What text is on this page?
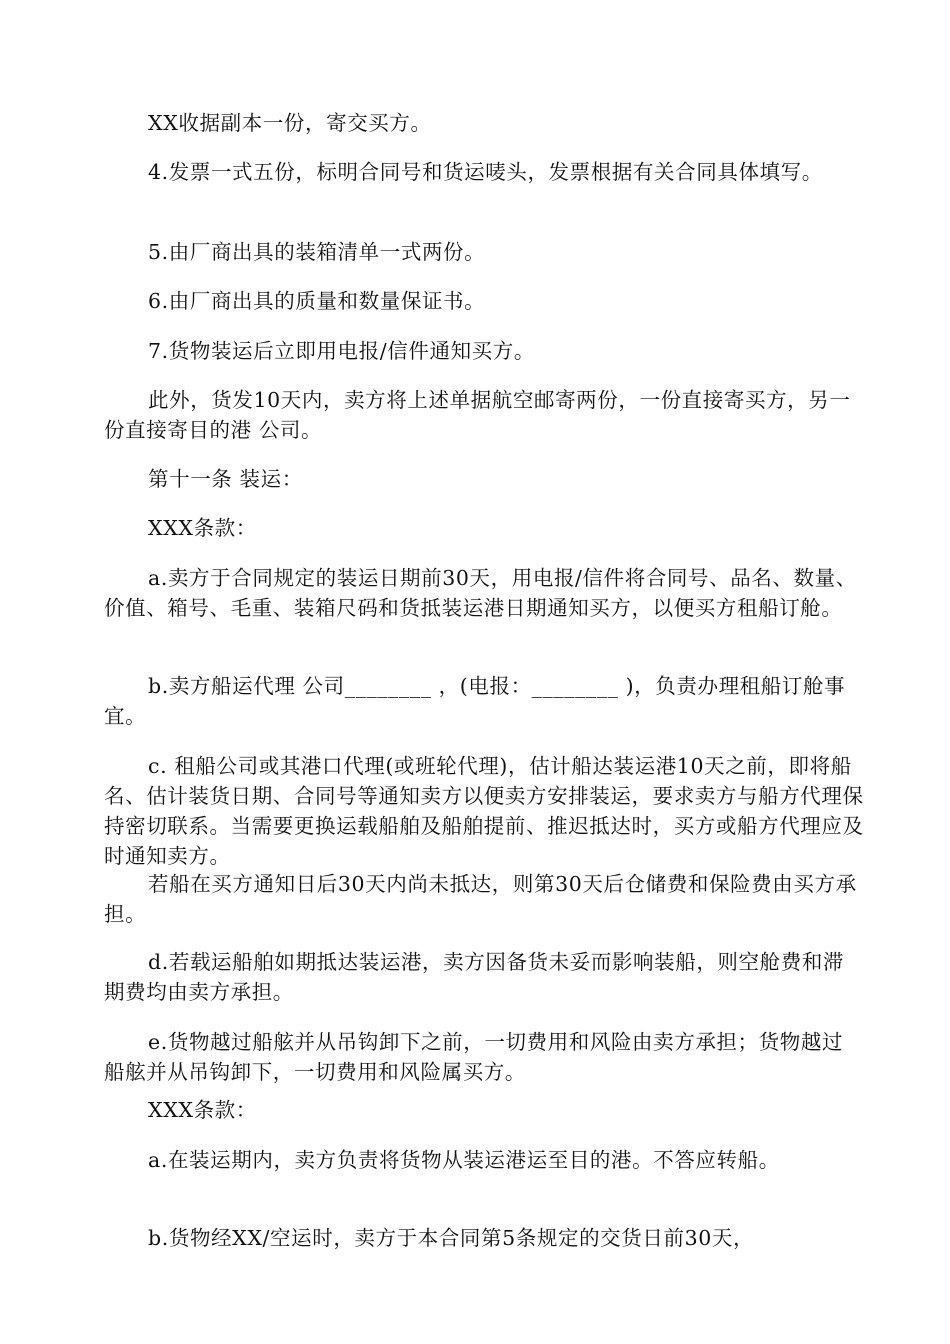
XX收据副本一份，寄交买方。

4.发票一式五份，标明合同号和货运唛头，发票根据有关合同具体填写。

5.由厂商出具的装箱清单一式两份。

6.由厂商出具的质量和数量保证书。

7.货物装运后立即用电报/信件通知买方。

此外，货发10天内，卖方将上述单据航空邮寄两份，一份直接寄买方，另一份直接寄目的港 公司。

第十一条 装运：

XXX条款：

a.卖方于合同规定的装运日期前30天，用电报/信件将合同号、品名、数量、价值、箱号、毛重、装箱尺码和货抵装运港日期通知买方，以便买方租船订舱。

b.卖方船运代理 公司________ ，(电报：________ )，负责办理租船订舱事宜。

c. 租船公司或其港口代理(或班轮代理)，估计船达装运港10天之前，即将船名、估计装货日期、合同号等通知卖方以便卖方安排装运，要求卖方与船方代理保持密切联系。当需要更换运载船舶及船舶提前、推迟抵达时，买方或船方代理应及时通知卖方。

若船在买方通知日后30天内尚未抵达，则第30天后仓储费和保险费由买方承担。

d.若载运船舶如期抵达装运港，卖方因备货未妥而影响装船，则空舱费和滞期费均由卖方承担。

e.货物越过船舷并从吊钩卸下之前，一切费用和风险由卖方承担；货物越过船舷并从吊钩卸下，一切费用和风险属买方。

XXX条款：

a.在装运期内，卖方负责将货物从装运港运至目的港。不答应转船。

b.货物经XX/空运时，卖方于本合同第5条规定的交货日前30天，
